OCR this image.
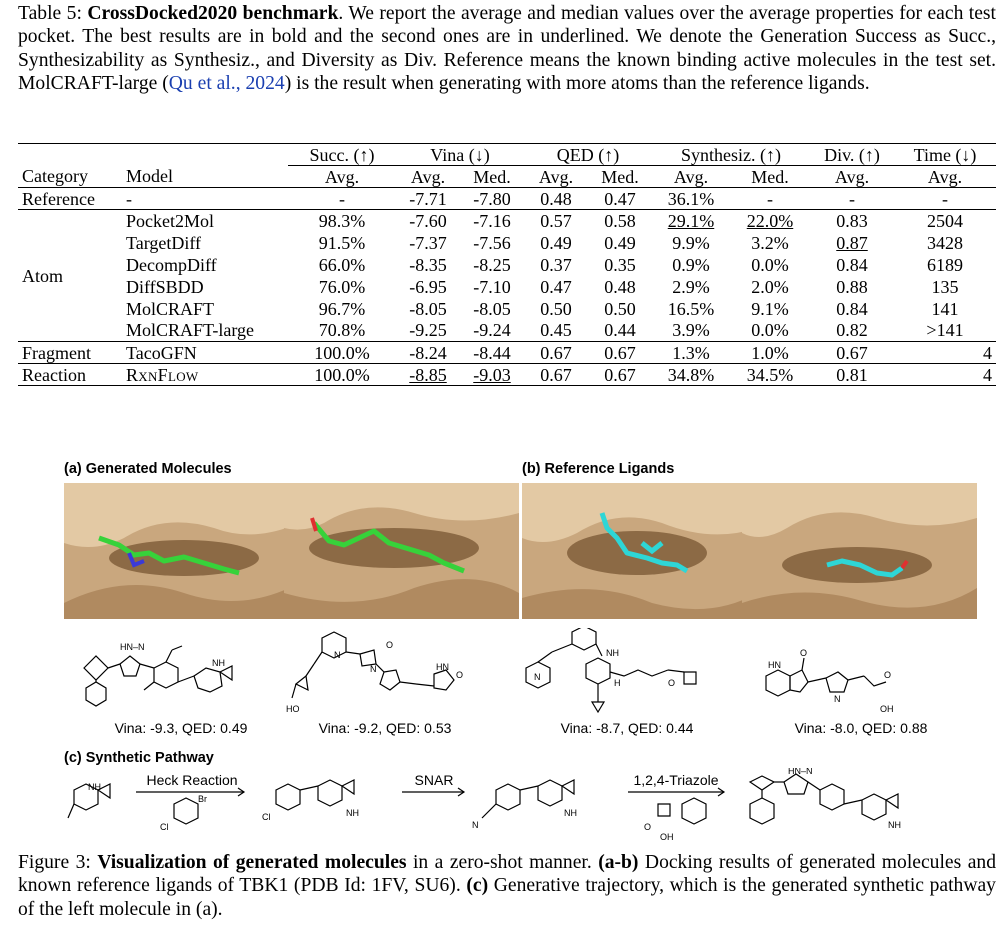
Table 5: CrossDocked2020 benchmark. We report the average and median values over the average properties for each test pocket. The best results are in bold and the second ones are in underlined. We denote the Generation Success as Succ., Synthesizability as Synthesiz., and Diversity as Div. Reference means the known binding active molecules in the test set. MolCRAFT-large (Qu et al., 2024) is the result when generating with more atoms than the reference ligands.
		Succ. (↑)	Vina (↓)		QED (↑)		Synthesiz. (↑)		Div. (↑)	Time (↓)
Category	Model	Avg.	Avg.	Med.	Avg.	Med.	Avg.	Med.	Avg.	Avg.
Reference	-	-	-7.71	-7.80	0.48	0.47	36.1%	-	-	-
Atom	Pocket2Mol	98.3%	-7.60	-7.16	0.57	0.58	29.1%	22.0%	0.83	2504
	TargetDiff	91.5%	-7.37	-7.56	0.49	0.49	9.9%	3.2%	0.87	3428
	DecompDiff	66.0%	-8.35	-8.25	0.37	0.35	0.9%	0.0%	0.84	6189
	DiffSBDD	76.0%	-6.95	-7.10	0.47	0.48	2.9%	2.0%	0.88	135
	MolCRAFT	96.7%	-8.05	-8.05	0.50	0.50	16.5%	9.1%	0.84	141
	MolCRAFT-large	70.8%	-9.25	-9.24	0.45	0.44	3.9%	0.0%	0.82	>141
Fragment	TacoGFN	100.0%	-8.24	-8.44	0.67	0.67	1.3%	1.0%	0.67	4
Reaction	RxnFlow	100.0%	-8.85	-9.03	0.67	0.67	34.8%	34.5%	0.81	4
(a) Generated Molecules	(b) Reference Ligands
(c) Synthetic Pathway
HN–N
NH
Vina: -9.3, QED: 0.49
N
N
O
HO
HN
O
Vina: -9.2, QED: 0.53
NH
N
H	O
Vina: -8.7, QED: 0.44
HN
O
N
OH
O
Vina: -8.0, QED: 0.88
NH
Br
Cl
Cl	NH
N
NH
O
OH
HN–N
NH
Heck Reaction	SNAR	1,2,4-Triazole
Figure 3: Visualization of generated molecules in a zero-shot manner. (a-b) Docking results of generated molecules and known reference ligands of TBK1 (PDB Id: 1FV, SU6). (c) Generative trajectory, which is the generated synthetic pathway of the left molecule in (a).
